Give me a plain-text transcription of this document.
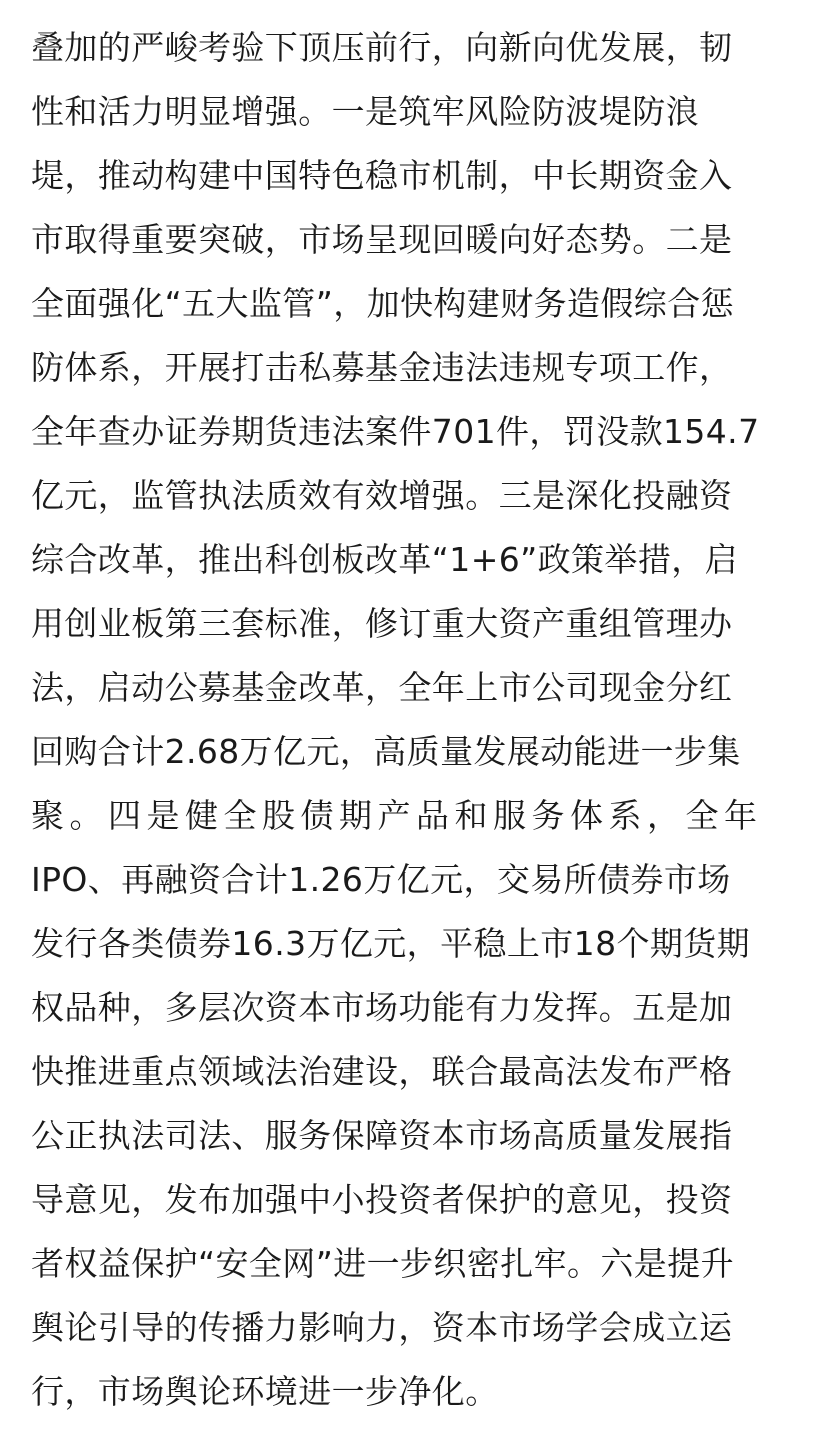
叠加的严峻考验下顶压前行，向新向优发展，韧
性和活力明显增强。一是筑牢风险防波堤防浪
堤，推动构建中国特色稳市机制，中长期资金入
市取得重要突破，市场呈现回暖向好态势。二是
全面强化“五大监管”，加快构建财务造假综合惩
防体系，开展打击私募基金违法违规专项工作，
全年查办证券期货违法案件701件，罚没款154.7
亿元，监管执法质效有效增强。三是深化投融资
综合改革，推出科创板改革“1+6”政策举措，启
用创业板第三套标准，修订重大资产重组管理办
法，启动公募基金改革，全年上市公司现金分红
回购合计2.68万亿元，高质量发展动能进一步集
聚。四是健全股债期产品和服务体系，全年
IPO、再融资合计1.26万亿元，交易所债券市场
发行各类债券16.3万亿元，平稳上市18个期货期
权品种，多层次资本市场功能有力发挥。五是加
快推进重点领域法治建设，联合最高法发布严格
公正执法司法、服务保障资本市场高质量发展指
导意见，发布加强中小投资者保护的意见，投资
者权益保护“安全网”进一步织密扎牢。六是提升
舆论引导的传播力影响力，资本市场学会成立运
行，市场舆论环境进一步净化。
